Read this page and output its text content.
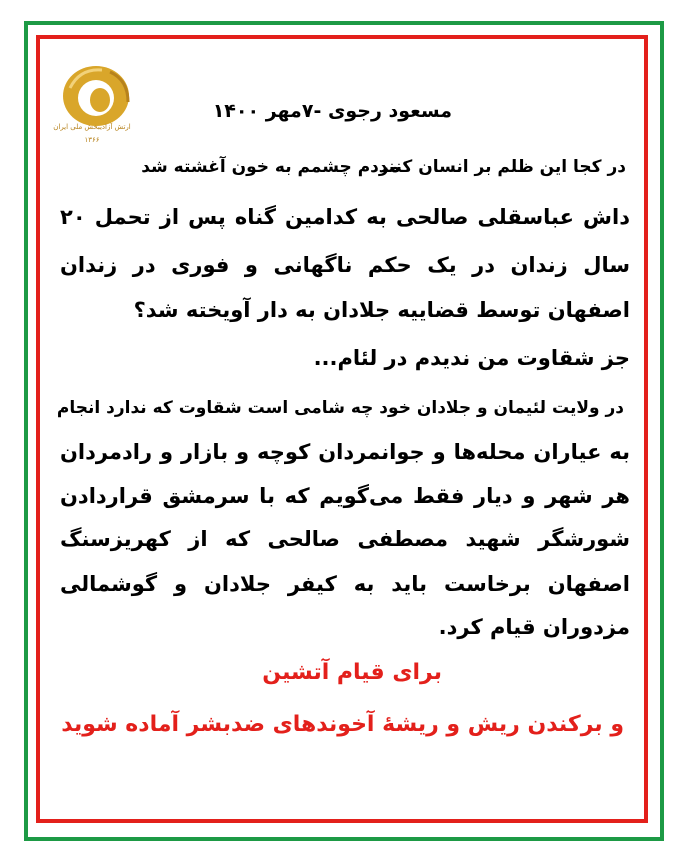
ارتش آزادیبخش ملی ایران
۱۳۶۶
مسعود رجوی -۷مهر ۱۴۰۰
مردم چشمم به خون آغشته شد
در کجا این ظلم بر انسان کنند
داش عباسقلی صالحی به کدامین گناه پس از تحمل ۲۰
سال زندان در یک حکم ناگهانی و فوری در زندان
اصفهان توسط قضاییه جلادان به دار آویخته شد؟
جز شقاوت من ندیدم در لئام...
در ولایت لئیمان و جلادان خود چه شامی است شقاوت که ندارد انجام
به عیاران محله‌ها و جوانمردان کوچه و بازار و رادمردان
هر شهر و دیار فقط می‌گویم که با سرمشق قراردادن
شورشگر شهید مصطفی صالحی که از کهریزسنگ
اصفهان برخاست باید به کیفر جلادان و گوشمالی
مزدوران قیام کرد.
برای قیام آتشین
و برکندن ریش و ریشهٔ آخوندهای ضدبشر آماده شوید
